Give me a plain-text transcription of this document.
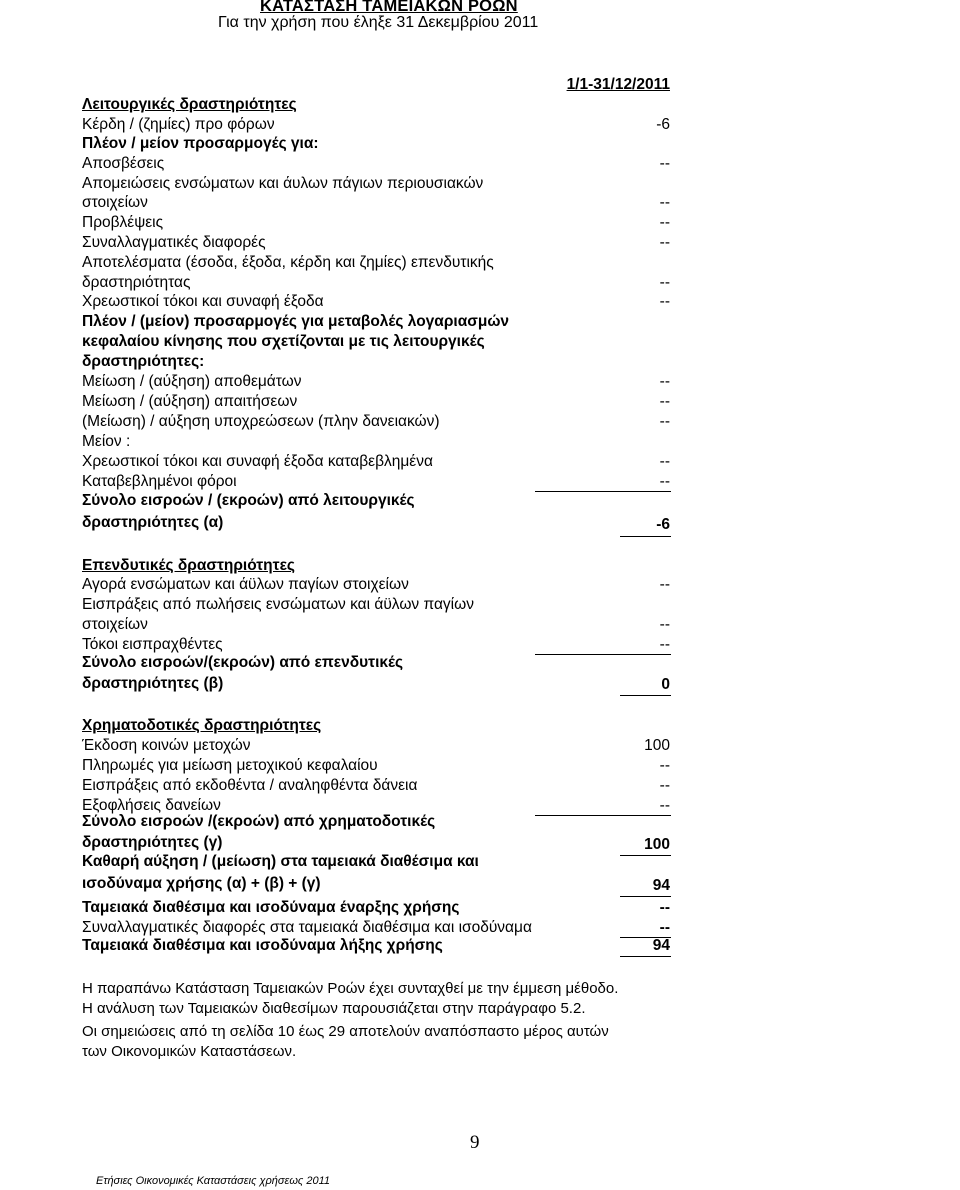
ΚΑΤΑΣΤΑΣΗ ΤΑΜΕΙΑΚΩΝ ΡΟΩΝ
Για την χρήση που έληξε 31 Δεκεμβρίου 2011
1/1-31/12/2011
Λειτουργικές δραστηριότητες
Κέρδη / (ζημίες) προ φόρων	-6
Πλέον / μείον προσαρμογές για:
Αποσβέσεις	--
Απομειώσεις ενσώματων και άυλων πάγιων περιουσιακών
στοιχείων	--
Προβλέψεις	--
Συναλλαγματικές διαφορές	--
Αποτελέσματα (έσοδα, έξοδα, κέρδη και ζημίες) επενδυτικής
δραστηριότητας	--
Χρεωστικοί τόκοι και συναφή έξοδα	--
Πλέον / (μείον) προσαρμογές για μεταβολές λογαριασμών
κεφαλαίου κίνησης που σχετίζονται με τις λειτουργικές
δραστηριότητες:
Μείωση / (αύξηση) αποθεμάτων	--
Μείωση / (αύξηση) απαιτήσεων	--
(Μείωση) / αύξηση υποχρεώσεων (πλην δανειακών)	--
Μείον :
Χρεωστικοί τόκοι και συναφή έξοδα καταβεβλημένα	--
Καταβεβλημένοι φόροι	--
Σύνολο εισροών / (εκροών) από λειτουργικές
δραστηριότητες (α)	-6
Επενδυτικές δραστηριότητες
Αγορά ενσώματων και άϋλων παγίων στοιχείων	--
Εισπράξεις από πωλήσεις ενσώματων και άϋλων παγίων
στοιχείων	--
Τόκοι εισπραχθέντες	--
Σύνολο εισροών/(εκροών) από επενδυτικές
δραστηριότητες (β)	0
Χρηματοδοτικές δραστηριότητες
Έκδοση κοινών μετοχών	100
Πληρωμές για μείωση μετοχικού κεφαλαίου	--
Εισπράξεις από εκδοθέντα / αναληφθέντα δάνεια	--
Εξοφλήσεις δανείων	--
Σύνολο εισροών /(εκροών) από χρηματοδοτικές
δραστηριότητες (γ)	100
Καθαρή αύξηση / (μείωση) στα ταμειακά διαθέσιμα και
ισοδύναμα χρήσης (α) + (β) + (γ)	94
Ταμειακά διαθέσιμα και ισοδύναμα έναρξης χρήσης	--
Συναλλαγματικές διαφορές στα ταμειακά διαθέσιμα και ισοδύναμα	--
Ταμειακά διαθέσιμα και ισοδύναμα λήξης χρήσης	94
Η παραπάνω Κατάσταση Ταμειακών Ροών έχει συνταχθεί με την έμμεση μέθοδο.
Η ανάλυση των Ταμειακών διαθεσίμων παρουσιάζεται στην παράγραφο 5.2.
Οι σημειώσεις από τη σελίδα 10 έως 29 αποτελούν αναπόσπαστο μέρος αυτών
των Οικονομικών Καταστάσεων.
9
Ετήσιες Οικονομικές Καταστάσεις χρήσεως 2011
